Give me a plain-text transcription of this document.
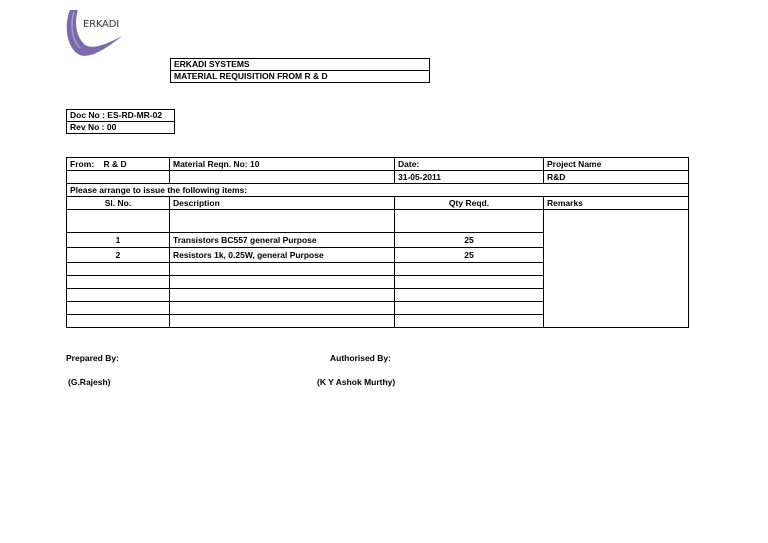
ERKADI
ERKADI SYSTEMS
MATERIAL REQUISITION FROM R & D
Doc No : ES-RD-MR-02
Rev No : 00
From: R & D	Material Reqn. No: 10	Date:	Project Name
		31-05-2011	R&D
Please arrange to issue the following items:			
Sl. No.	Description	Qty Reqd.	Remarks

1	Transistors BC557 general Purpose	25	
2	Resistors 1k, 0.25W, general Purpose	25	

Prepared By:	Authorised By:
(G.Rajesh)	(K Y Ashok Murthy)
